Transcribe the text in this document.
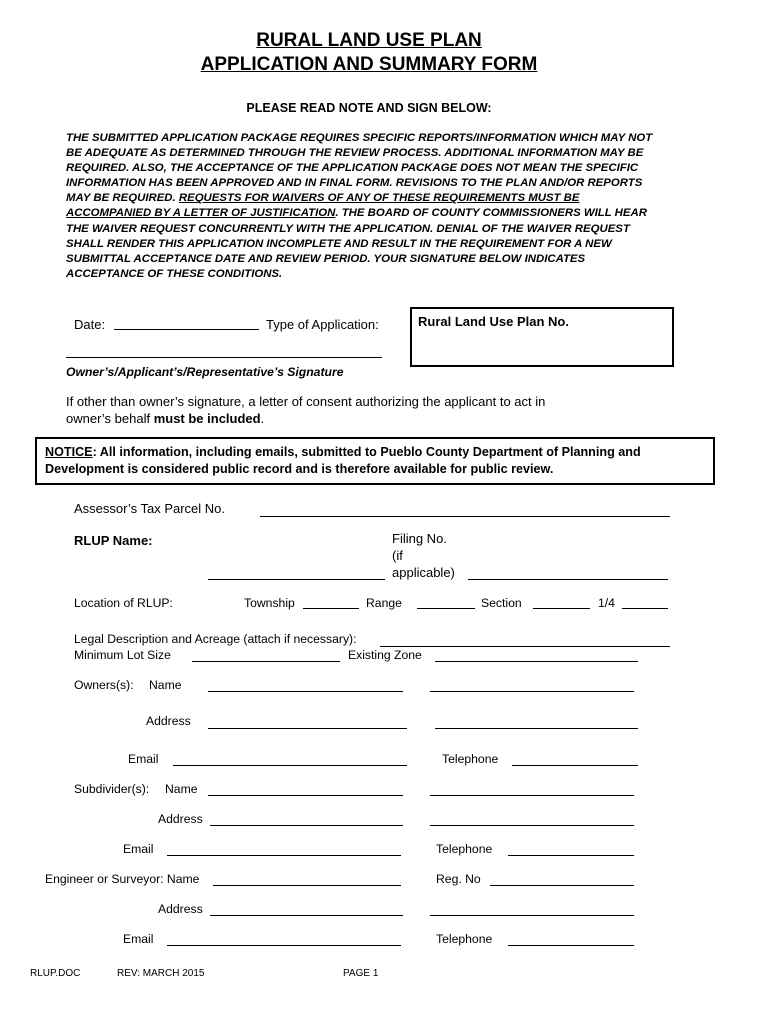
RURAL LAND USE PLAN
APPLICATION AND SUMMARY FORM
PLEASE READ NOTE AND SIGN BELOW:
THE SUBMITTED APPLICATION PACKAGE REQUIRES SPECIFIC REPORTS/INFORMATION WHICH MAY NOT BE ADEQUATE AS DETERMINED THROUGH THE REVIEW PROCESS. ADDITIONAL INFORMATION MAY BE REQUIRED. ALSO, THE ACCEPTANCE OF THE APPLICATION PACKAGE DOES NOT MEAN THE SPECIFIC INFORMATION HAS BEEN APPROVED AND IN FINAL FORM. REVISIONS TO THE PLAN AND/OR REPORTS MAY BE REQUIRED. REQUESTS FOR WAIVERS OF ANY OF THESE REQUIREMENTS MUST BE ACCOMPANIED BY A LETTER OF JUSTIFICATION. THE BOARD OF COUNTY COMMISSIONERS WILL HEAR THE WAIVER REQUEST CONCURRENTLY WITH THE APPLICATION. DENIAL OF THE WAIVER REQUEST SHALL RENDER THIS APPLICATION INCOMPLETE AND RESULT IN THE REQUIREMENT FOR A NEW SUBMITTAL ACCEPTANCE DATE AND REVIEW PERIOD. YOUR SIGNATURE BELOW INDICATES ACCEPTANCE OF THESE CONDITIONS.
Date:	Type of Application:	Rural Land Use Plan No.
Owner’s/Applicant’s/Representative’s Signature
If other than owner’s signature, a letter of consent authorizing the applicant to act in
owner’s behalf must be included.
NOTICE: All information, including emails, submitted to Pueblo County Department of Planning and
Development is considered public record and is therefore available for public review.
Assessor’s Tax Parcel No.
RLUP Name:	Filing No.
(if
applicable)
Location of RLUP:	Township	Range	Section	1/4
Legal Description and Acreage (attach if necessary):
Minimum Lot Size	Existing Zone
Owners(s): Name
Address
Email	Telephone
Subdivider(s): Name
Address
Email	Telephone
Engineer or Surveyor: Name	Reg. No
Address
Email	Telephone
RLUP.DOC	REV: MARCH 2015	PAGE 1
